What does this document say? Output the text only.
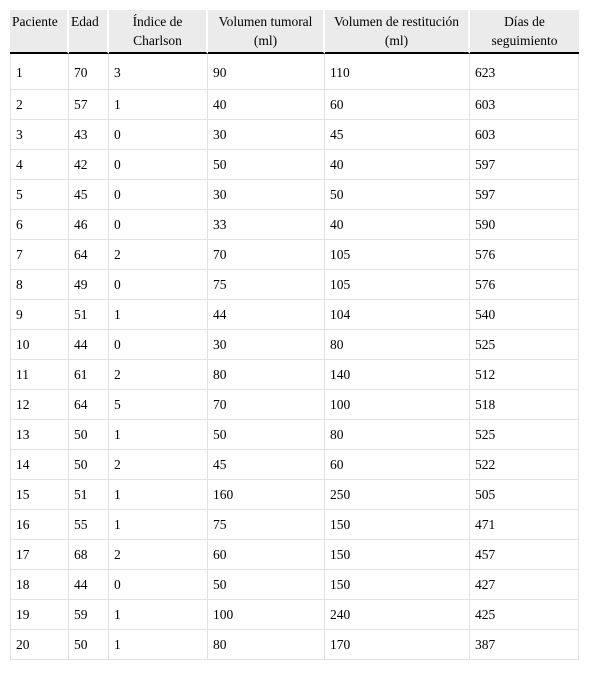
Paciente	Edad	Índice de Charlson	Volumen tumoral (ml)	Volumen de restitución (ml)	Días de seguimiento
1	70	3	90	110	623
2	57	1	40	60	603
3	43	0	30	45	603
4	42	0	50	40	597
5	45	0	30	50	597
6	46	0	33	40	590
7	64	2	70	105	576
8	49	0	75	105	576
9	51	1	44	104	540
10	44	0	30	80	525
11	61	2	80	140	512
12	64	5	70	100	518
13	50	1	50	80	525
14	50	2	45	60	522
15	51	1	160	250	505
16	55	1	75	150	471
17	68	2	60	150	457
18	44	0	50	150	427
19	59	1	100	240	425
20	50	1	80	170	387
